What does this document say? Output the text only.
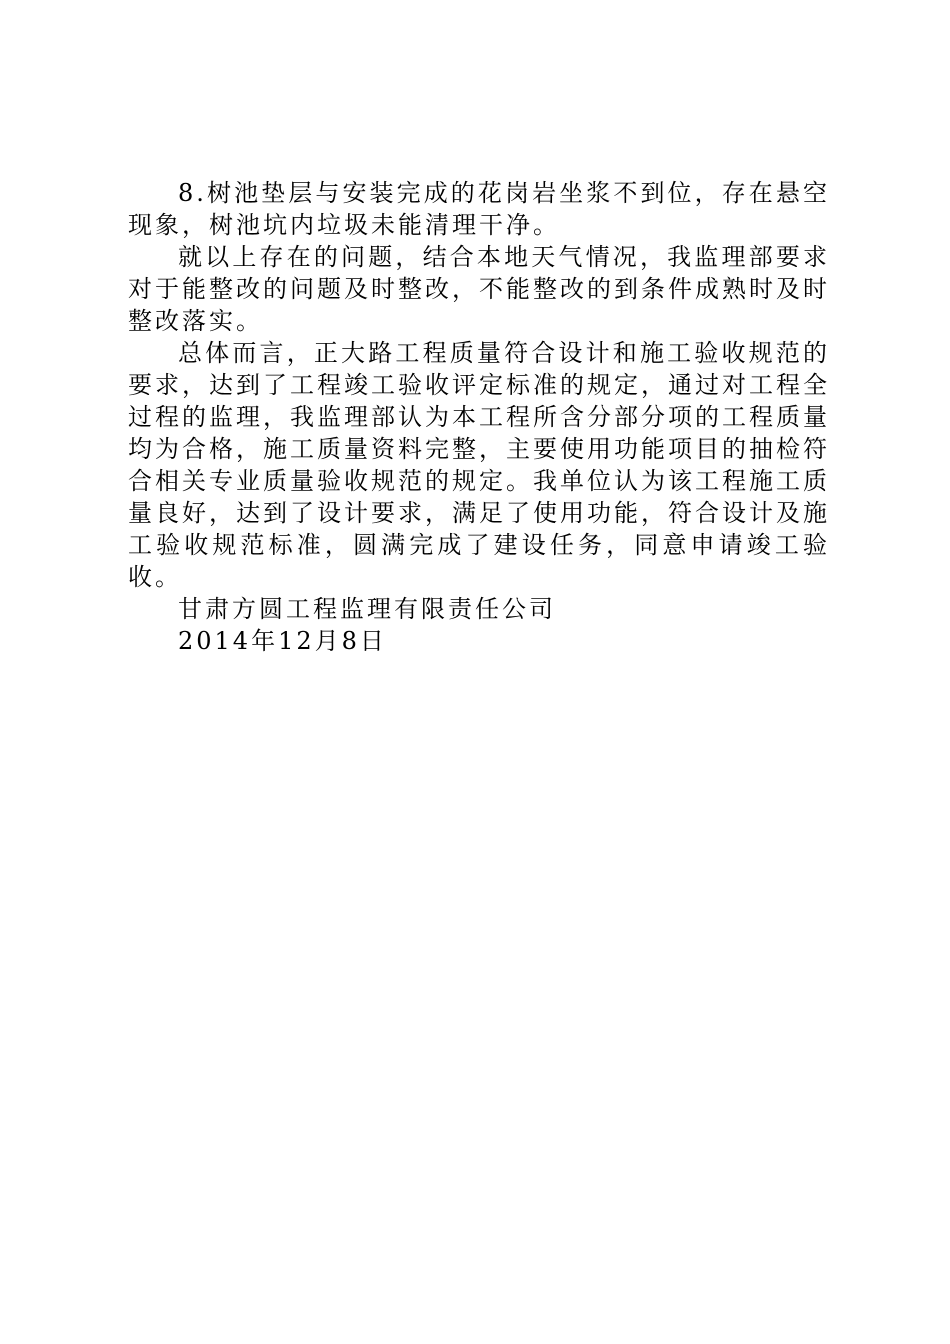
8.树池垫层与安装完成的花岗岩坐浆不到位，存在悬空现象，树池坑内垃圾未能清理干净。

就以上存在的问题，结合本地天气情况，我监理部要求对于能整改的问题及时整改，不能整改的到条件成熟时及时整改落实。

总体而言，正大路工程质量符合设计和施工验收规范的要求，达到了工程竣工验收评定标准的规定，通过对工程全过程的监理，我监理部认为本工程所含分部分项的工程质量均为合格，施工质量资料完整，主要使用功能项目的抽检符合相关专业质量验收规范的规定。我单位认为该工程施工质量良好，达到了设计要求，满足了使用功能，符合设计及施工验收规范标准，圆满完成了建设任务，同意申请竣工验收。

甘肃方圆工程监理有限责任公司

2014年12月8日
